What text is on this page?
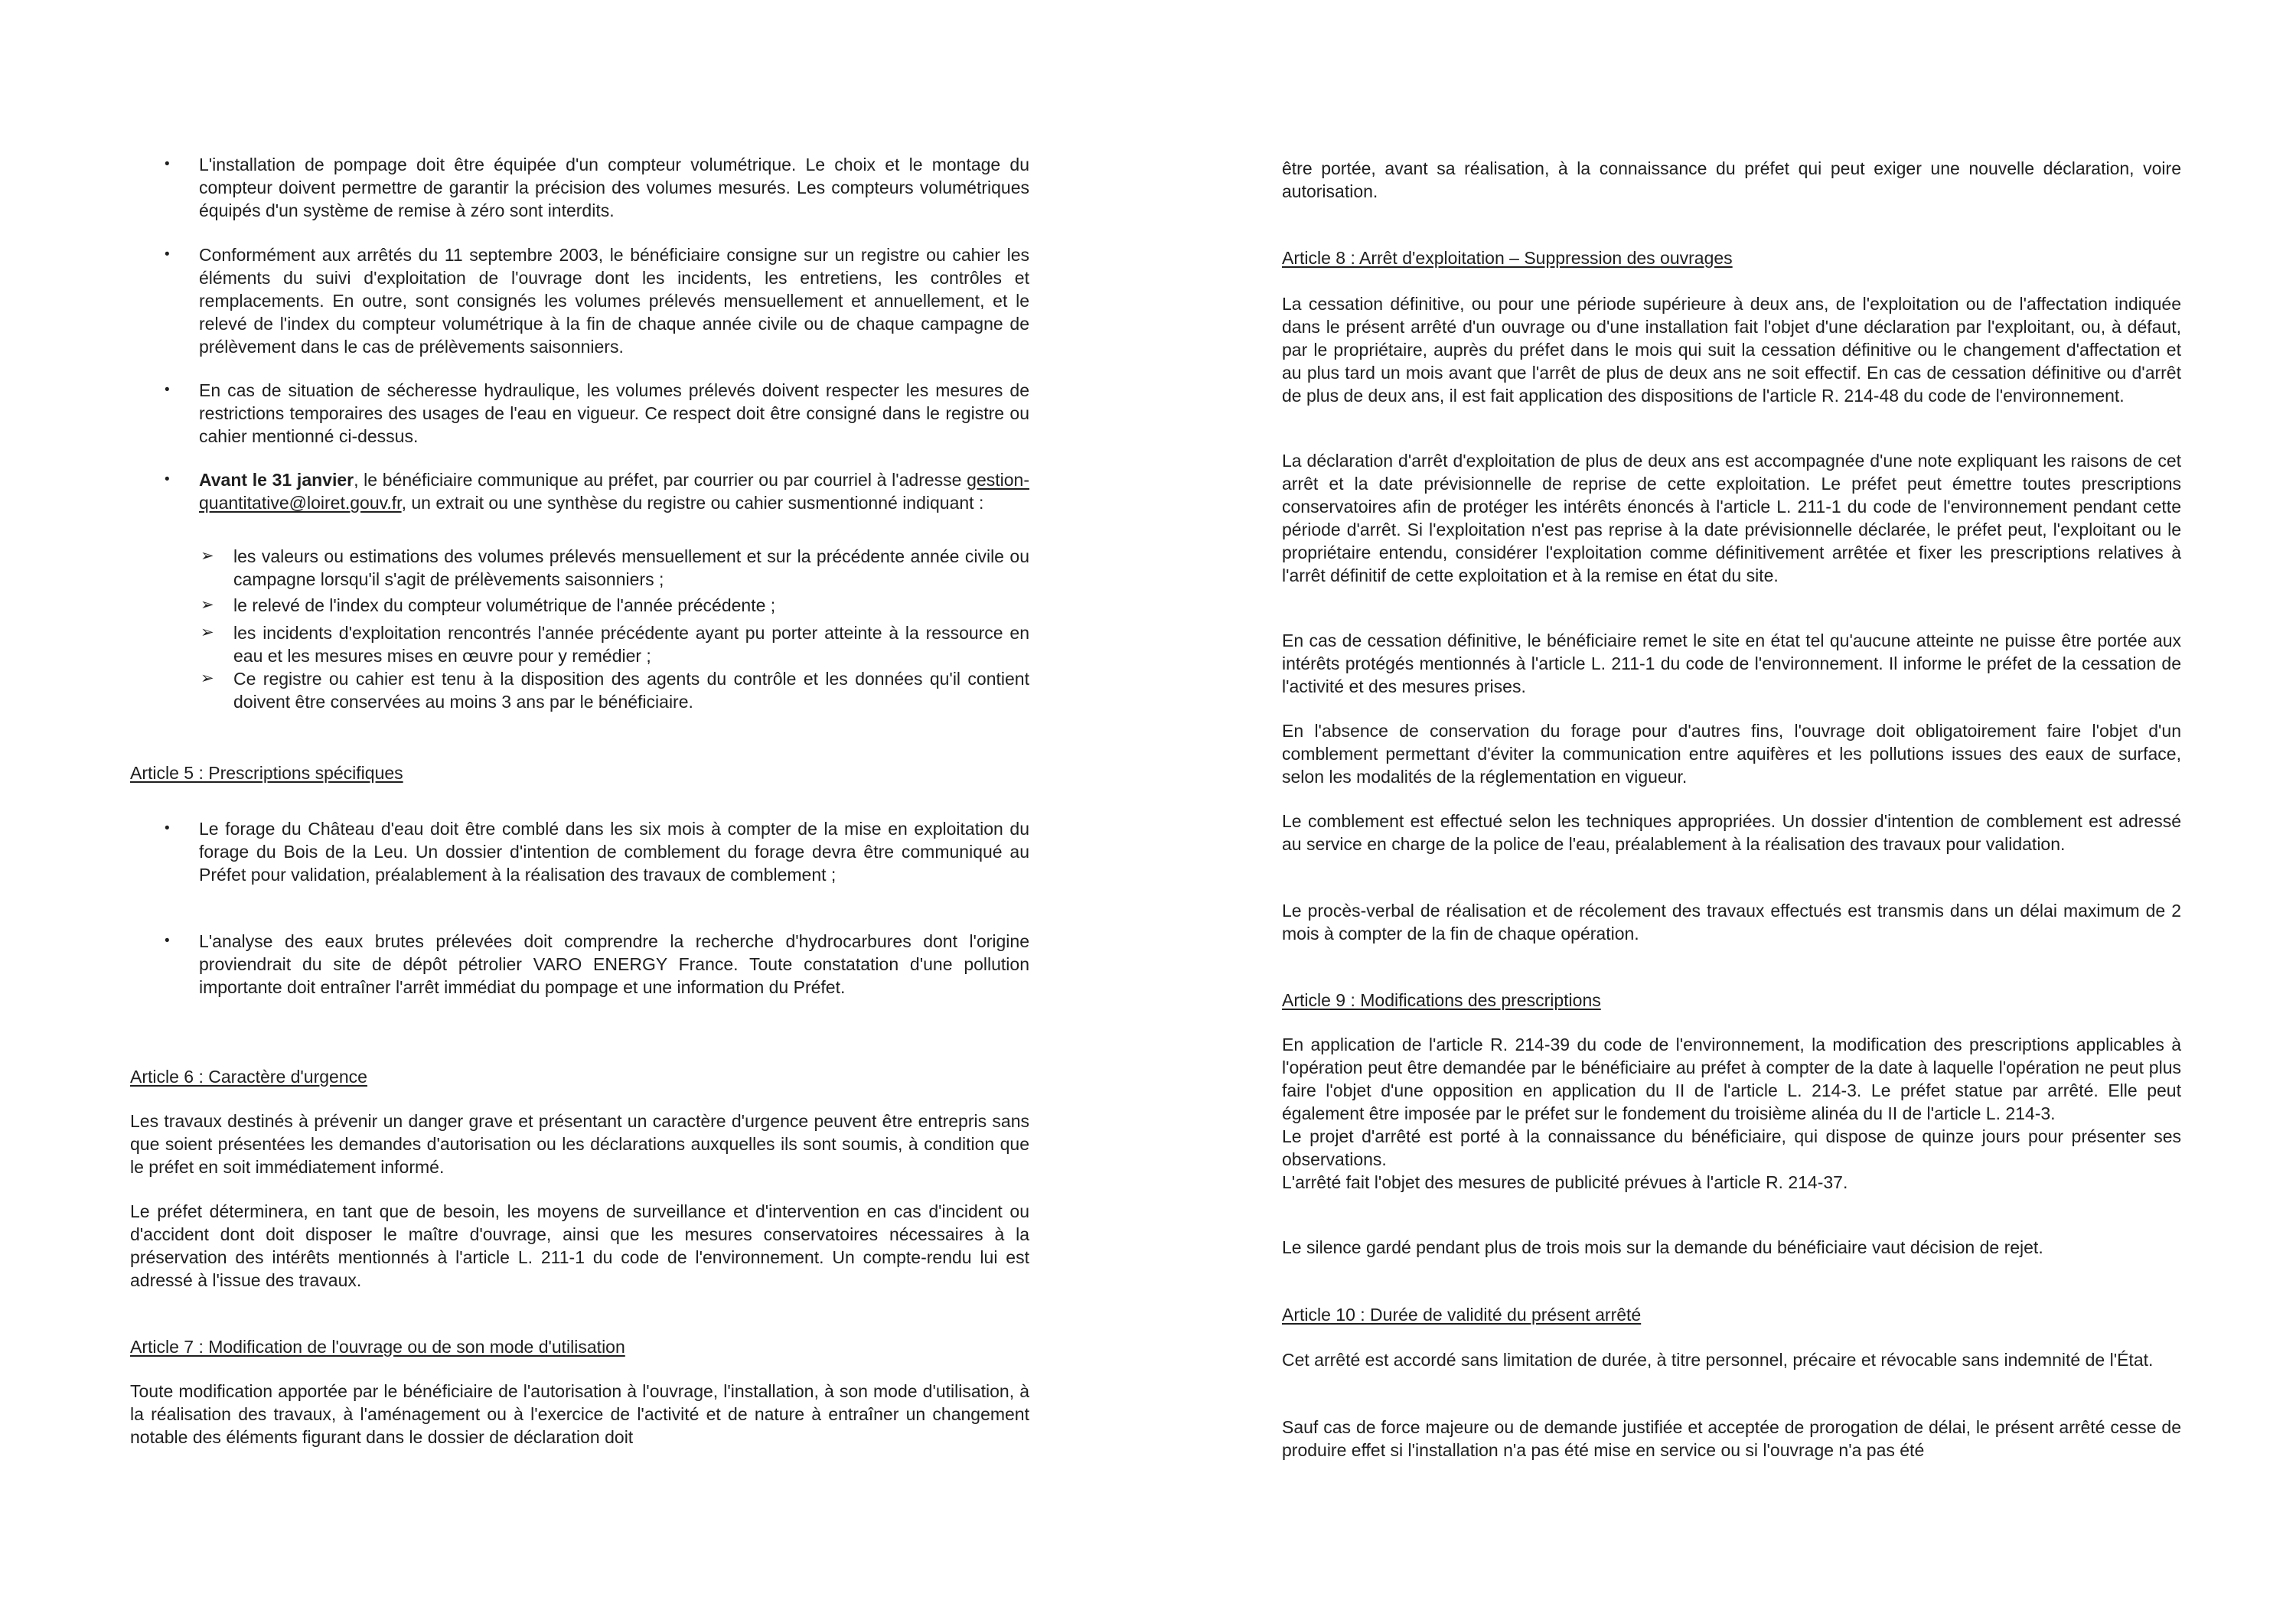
• L'installation de pompage doit être équipée d'un compteur volumétrique. Le choix et le montage du compteur doivent permettre de garantir la précision des volumes mesurés. Les compteurs volumétriques équipés d'un système de remise à zéro sont interdits.

• Conformément aux arrêtés du 11 septembre 2003, le bénéficiaire consigne sur un registre ou cahier les éléments du suivi d'exploitation de l'ouvrage dont les incidents, les entretiens, les contrôles et remplacements. En outre, sont consignés les volumes prélevés mensuellement et annuellement, et le relevé de l'index du compteur volumétrique à la fin de chaque année civile ou de chaque campagne de prélèvement dans le cas de prélèvements saisonniers.

• En cas de situation de sécheresse hydraulique, les volumes prélevés doivent respecter les mesures de restrictions temporaires des usages de l'eau en vigueur. Ce respect doit être consigné dans le registre ou cahier mentionné ci-dessus.

• Avant le 31 janvier, le bénéficiaire communique au préfet, par courrier ou par courriel à l'adresse gestion-quantitative@loiret.gouv.fr, un extrait ou une synthèse du registre ou cahier susmentionné indiquant :

➢ les valeurs ou estimations des volumes prélevés mensuellement et sur la précédente année civile ou campagne lorsqu'il s'agit de prélèvements saisonniers ;

➢ le relevé de l'index du compteur volumétrique de l'année précédente ;

➢ les incidents d'exploitation rencontrés l'année précédente ayant pu porter atteinte à la ressource en eau et les mesures mises en œuvre pour y remédier ;

➢ Ce registre ou cahier est tenu à la disposition des agents du contrôle et les données qu'il contient doivent être conservées au moins 3 ans par le bénéficiaire.

Article 5 : Prescriptions spécifiques
• Le forage du Château d'eau doit être comblé dans les six mois à compter de la mise en exploitation du forage du Bois de la Leu. Un dossier d'intention de comblement du forage devra être communiqué au Préfet pour validation, préalablement à la réalisation des travaux de comblement ;

• L'analyse des eaux brutes prélevées doit comprendre la recherche d'hydrocarbures dont l'origine proviendrait du site de dépôt pétrolier VARO ENERGY France. Toute constatation d'une pollution importante doit entraîner l'arrêt immédiat du pompage et une information du Préfet.

Article 6 : Caractère d'urgence

Les travaux destinés à prévenir un danger grave et présentant un caractère d'urgence peuvent être entrepris sans que soient présentées les demandes d'autorisation ou les déclarations auxquelles ils sont soumis, à condition que le préfet en soit immédiatement informé.

Le préfet déterminera, en tant que de besoin, les moyens de surveillance et d'intervention en cas d'incident ou d'accident dont doit disposer le maître d'ouvrage, ainsi que les mesures conservatoires nécessaires à la préservation des intérêts mentionnés à l'article L. 211-1 du code de l'environnement. Un compte-rendu lui est adressé à l'issue des travaux.

Article 7 : Modification de l'ouvrage ou de son mode d'utilisation

Toute modification apportée par le bénéficiaire de l'autorisation à l'ouvrage, l'installation, à son mode d'utilisation, à la réalisation des travaux, à l'aménagement ou à l'exercice de l'activité et de nature à entraîner un changement notable des éléments figurant dans le dossier de déclaration doit

être portée, avant sa réalisation, à la connaissance du préfet qui peut exiger une nouvelle déclaration, voire autorisation.

Article 8 : Arrêt d'exploitation – Suppression des ouvrages

La cessation définitive, ou pour une période supérieure à deux ans, de l'exploitation ou de l'affectation indiquée dans le présent arrêté d'un ouvrage ou d'une installation fait l'objet d'une déclaration par l'exploitant, ou, à défaut, par le propriétaire, auprès du préfet dans le mois qui suit la cessation définitive ou le changement d'affectation et au plus tard un mois avant que l'arrêt de plus de deux ans ne soit effectif. En cas de cessation définitive ou d'arrêt de plus de deux ans, il est fait application des dispositions de l'article R. 214-48 du code de l'environnement.

La déclaration d'arrêt d'exploitation de plus de deux ans est accompagnée d'une note expliquant les raisons de cet arrêt et la date prévisionnelle de reprise de cette exploitation. Le préfet peut émettre toutes prescriptions conservatoires afin de protéger les intérêts énoncés à l'article L. 211-1 du code de l'environnement pendant cette période d'arrêt. Si l'exploitation n'est pas reprise à la date prévisionnelle déclarée, le préfet peut, l'exploitant ou le propriétaire entendu, considérer l'exploitation comme définitivement arrêtée et fixer les prescriptions relatives à l'arrêt définitif de cette exploitation et à la remise en état du site.

En cas de cessation définitive, le bénéficiaire remet le site en état tel qu'aucune atteinte ne puisse être portée aux intérêts protégés mentionnés à l'article L. 211-1 du code de l'environnement. Il informe le préfet de la cessation de l'activité et des mesures prises.

En l'absence de conservation du forage pour d'autres fins, l'ouvrage doit obligatoirement faire l'objet d'un comblement permettant d'éviter la communication entre aquifères et les pollutions issues des eaux de surface, selon les modalités de la réglementation en vigueur.

Le comblement est effectué selon les techniques appropriées. Un dossier d'intention de comblement est adressé au service en charge de la police de l'eau, préalablement à la réalisation des travaux pour validation.

Le procès-verbal de réalisation et de récolement des travaux effectués est transmis dans un délai maximum de 2 mois à compter de la fin de chaque opération.

Article 9 : Modifications des prescriptions

En application de l'article R. 214-39 du code de l'environnement, la modification des prescriptions applicables à l'opération peut être demandée par le bénéficiaire au préfet à compter de la date à laquelle l'opération ne peut plus faire l'objet d'une opposition en application du II de l'article L. 214-3. Le préfet statue par arrêté. Elle peut également être imposée par le préfet sur le fondement du troisième alinéa du II de l'article L. 214-3.

Le projet d'arrêté est porté à la connaissance du bénéficiaire, qui dispose de quinze jours pour présenter ses observations.

L'arrêté fait l'objet des mesures de publicité prévues à l'article R. 214-37.

Le silence gardé pendant plus de trois mois sur la demande du bénéficiaire vaut décision de rejet.

Article 10 : Durée de validité du présent arrêté

Cet arrêté est accordé sans limitation de durée, à titre personnel, précaire et révocable sans indemnité de l'État.

Sauf cas de force majeure ou de demande justifiée et acceptée de prorogation de délai, le présent arrêté cesse de produire effet si l'installation n'a pas été mise en service ou si l'ouvrage n'a pas été
